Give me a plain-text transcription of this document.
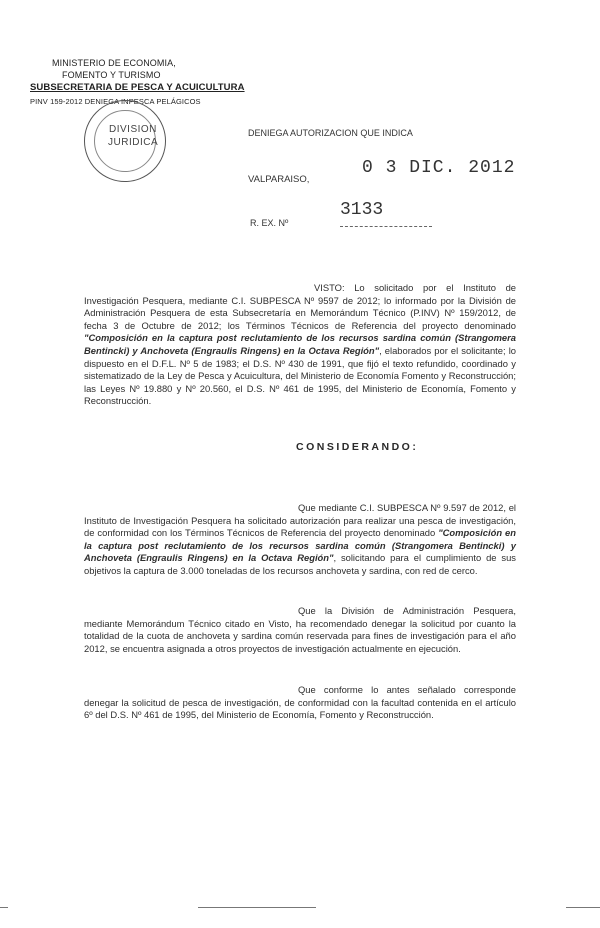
MINISTERIO DE ECONOMIA,
FOMENTO Y TURISMO
SUBSECRETARIA DE PESCA Y ACUICULTURA
PINV 159-2012 DENIEGA INPESCA PELÁGICOS
DIVISION
JURIDICA
DENIEGA AUTORIZACION QUE INDICA
VALPARAISO,
0 3 DIC. 2012
R. EX. Nº
3133
VISTO: Lo solicitado por el Instituto de Investigación Pesquera, mediante C.I. SUBPESCA Nº 9597 de 2012; lo informado por la División de Administración Pesquera de esta Subsecretaría en Memorándum Técnico (P.INV) Nº 159/2012, de fecha 3 de Octubre de 2012; los Términos Técnicos de Referencia del proyecto denominado "Composición en la captura post reclutamiento de los recursos sardina común (Strangomera Bentincki) y Anchoveta (Engraulis Ringens) en la Octava Región", elaborados por el solicitante; lo dispuesto en el D.F.L. Nº 5 de 1983; el D.S. Nº 430 de 1991, que fijó el texto refundido, coordinado y sistematizado de la Ley de Pesca y Acuicultura, del Ministerio de Economía Fomento y Reconstrucción; las Leyes Nº 19.880 y Nº 20.560, el D.S. Nº 461 de 1995, del Ministerio de Economía, Fomento y Reconstrucción.
CONSIDERANDO:
Que mediante C.I. SUBPESCA Nº 9.597 de 2012, el Instituto de Investigación Pesquera ha solicitado autorización para realizar una pesca de investigación, de conformidad con los Términos Técnicos de Referencia del proyecto denominado "Composición en la captura post reclutamiento de los recursos sardina común (Strangomera Bentincki) y Anchoveta (Engraulis Ringens) en la Octava Región", solicitando para el cumplimiento de sus objetivos la captura de 3.000 toneladas de los recursos anchoveta y sardina, con red de cerco.
Que la División de Administración Pesquera, mediante Memorándum Técnico citado en Visto, ha recomendado denegar la solicitud por cuanto la totalidad de la cuota de anchoveta y sardina común reservada para fines de investigación para el año 2012, se encuentra asignada a otros proyectos de investigación actualmente en ejecución.
Que conforme lo antes señalado corresponde denegar la solicitud de pesca de investigación, de conformidad con la facultad contenida en el artículo 6º del D.S. Nº 461 de 1995, del Ministerio de Economía, Fomento y Reconstrucción.
